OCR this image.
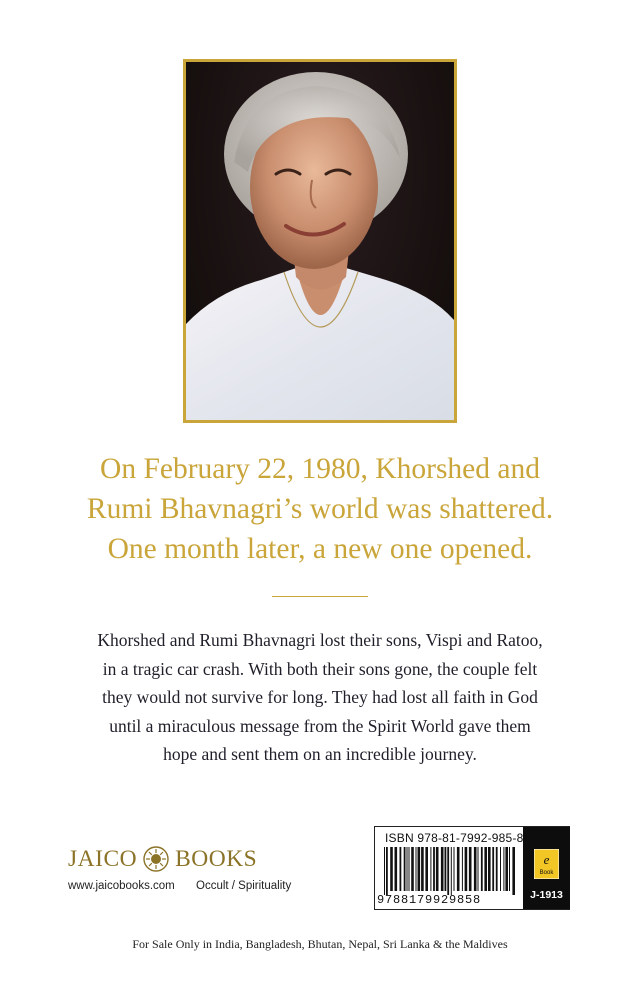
On February 22, 1980, Khorshed and
Rumi Bhavnagri’s world was shattered.
One month later, a new one opened.
Khorshed and Rumi Bhavnagri lost their sons, Vispi and Ratoo,
in a tragic car crash. With both their sons gone, the couple felt
they would not survive for long. They had lost all faith in God
until a miraculous message from the Spirit World gave them
hope and sent them on an incredible journey.
JAICO BOOKS
www.jaicobooks.com Occult / Spirituality
ISBN 978-81-7992-985-8
9788179929858
e
Book
J-1913
For Sale Only in India, Bangladesh, Bhutan, Nepal, Sri Lanka & the Maldives
